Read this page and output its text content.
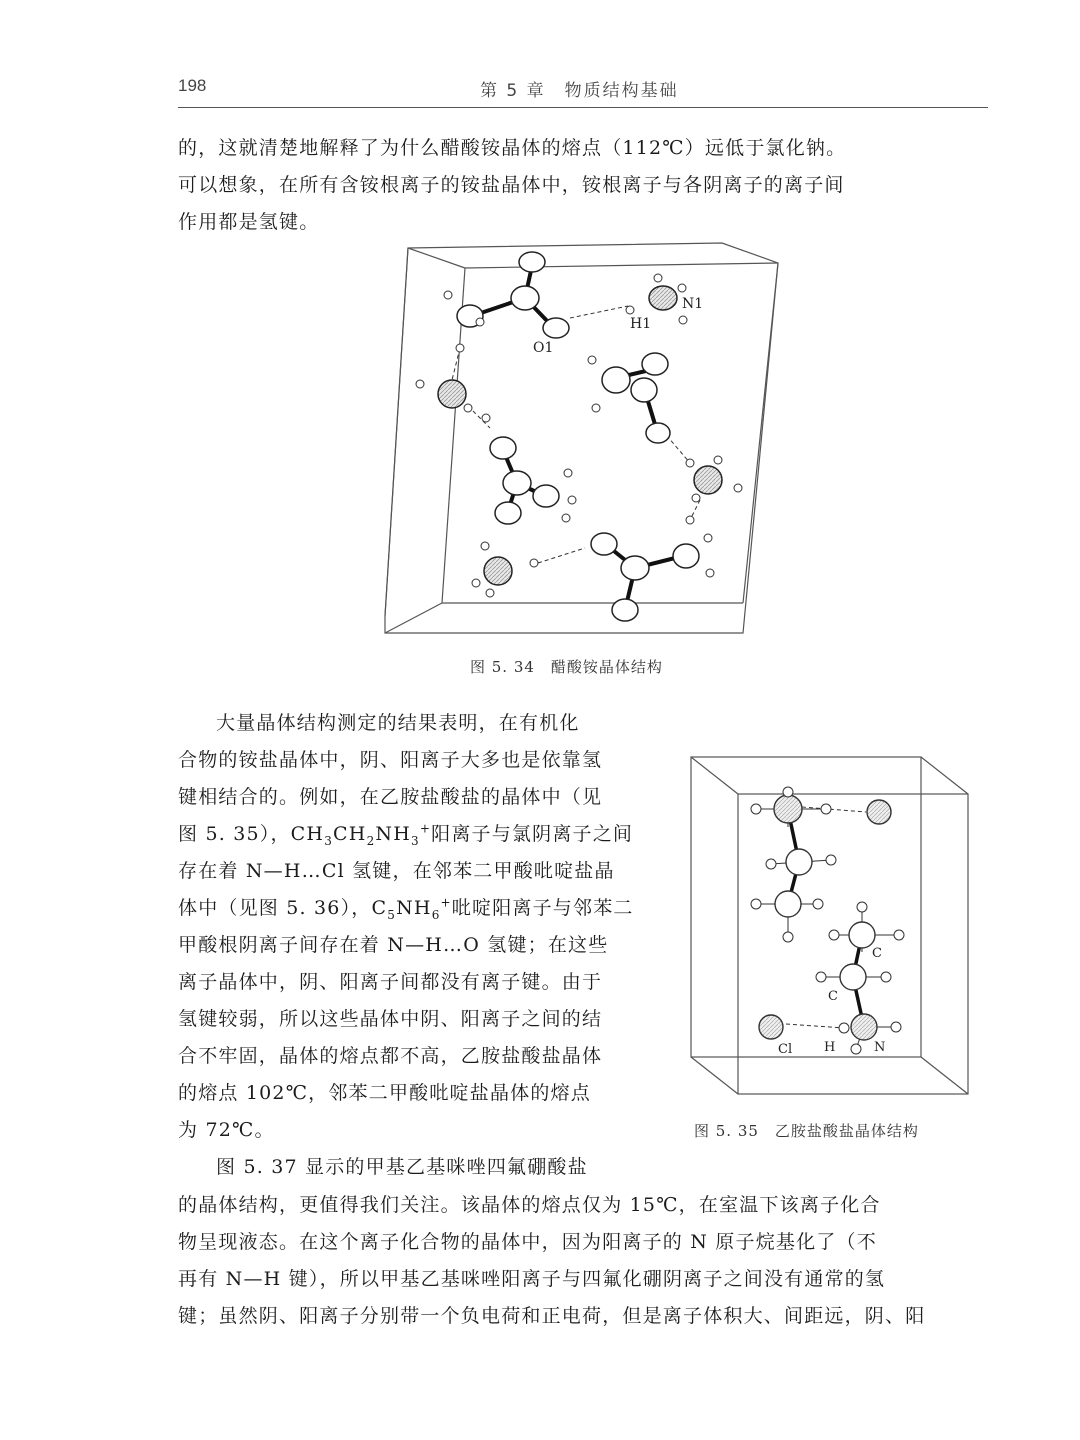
198	第 5 章　物质结构基础
的，这就清楚地解释了为什么醋酸铵晶体的熔点（112℃）远低于氯化钠。
可以想象，在所有含铵根离子的铵盐晶体中，铵根离子与各阴离子的离子间
作用都是氢键。
N1
H1
O1
图 5. 34　醋酸铵晶体结构
大量晶体结构测定的结果表明，在有机化
合物的铵盐晶体中，阴、阳离子大多也是依靠氢
键相结合的。例如，在乙胺盐酸盐的晶体中（见
图 5. 35），$CH_3CH_2NH_3^+$阳离子与氯阴离子之间
存在着 N—H…Cl 氢键，在邻苯二甲酸吡啶盐晶
体中（见图 5. 36），$C_5NH_6^+$吡啶阳离子与邻苯二
甲酸根阴离子间存在着 N—H…O 氢键；在这些
离子晶体中，阴、阳离子间都没有离子键。由于
氢键较弱，所以这些晶体中阴、阳离子之间的结
合不牢固，晶体的熔点都不高，乙胺盐酸盐晶体
的熔点 102℃，邻苯二甲酸吡啶盐晶体的熔点
为 72℃。
图 5. 37 显示的甲基乙基咪唑四氟硼酸盐
C
C
Cl H	N
图 5. 35　乙胺盐酸盐晶体结构
的晶体结构，更值得我们关注。该晶体的熔点仅为 15℃，在室温下该离子化合
物呈现液态。在这个离子化合物的晶体中，因为阳离子的 N 原子烷基化了（不
再有 N—H 键），所以甲基乙基咪唑阳离子与四氟化硼阴离子之间没有通常的氢
键；虽然阴、阳离子分别带一个负电荷和正电荷，但是离子体积大、间距远，阴、阳
